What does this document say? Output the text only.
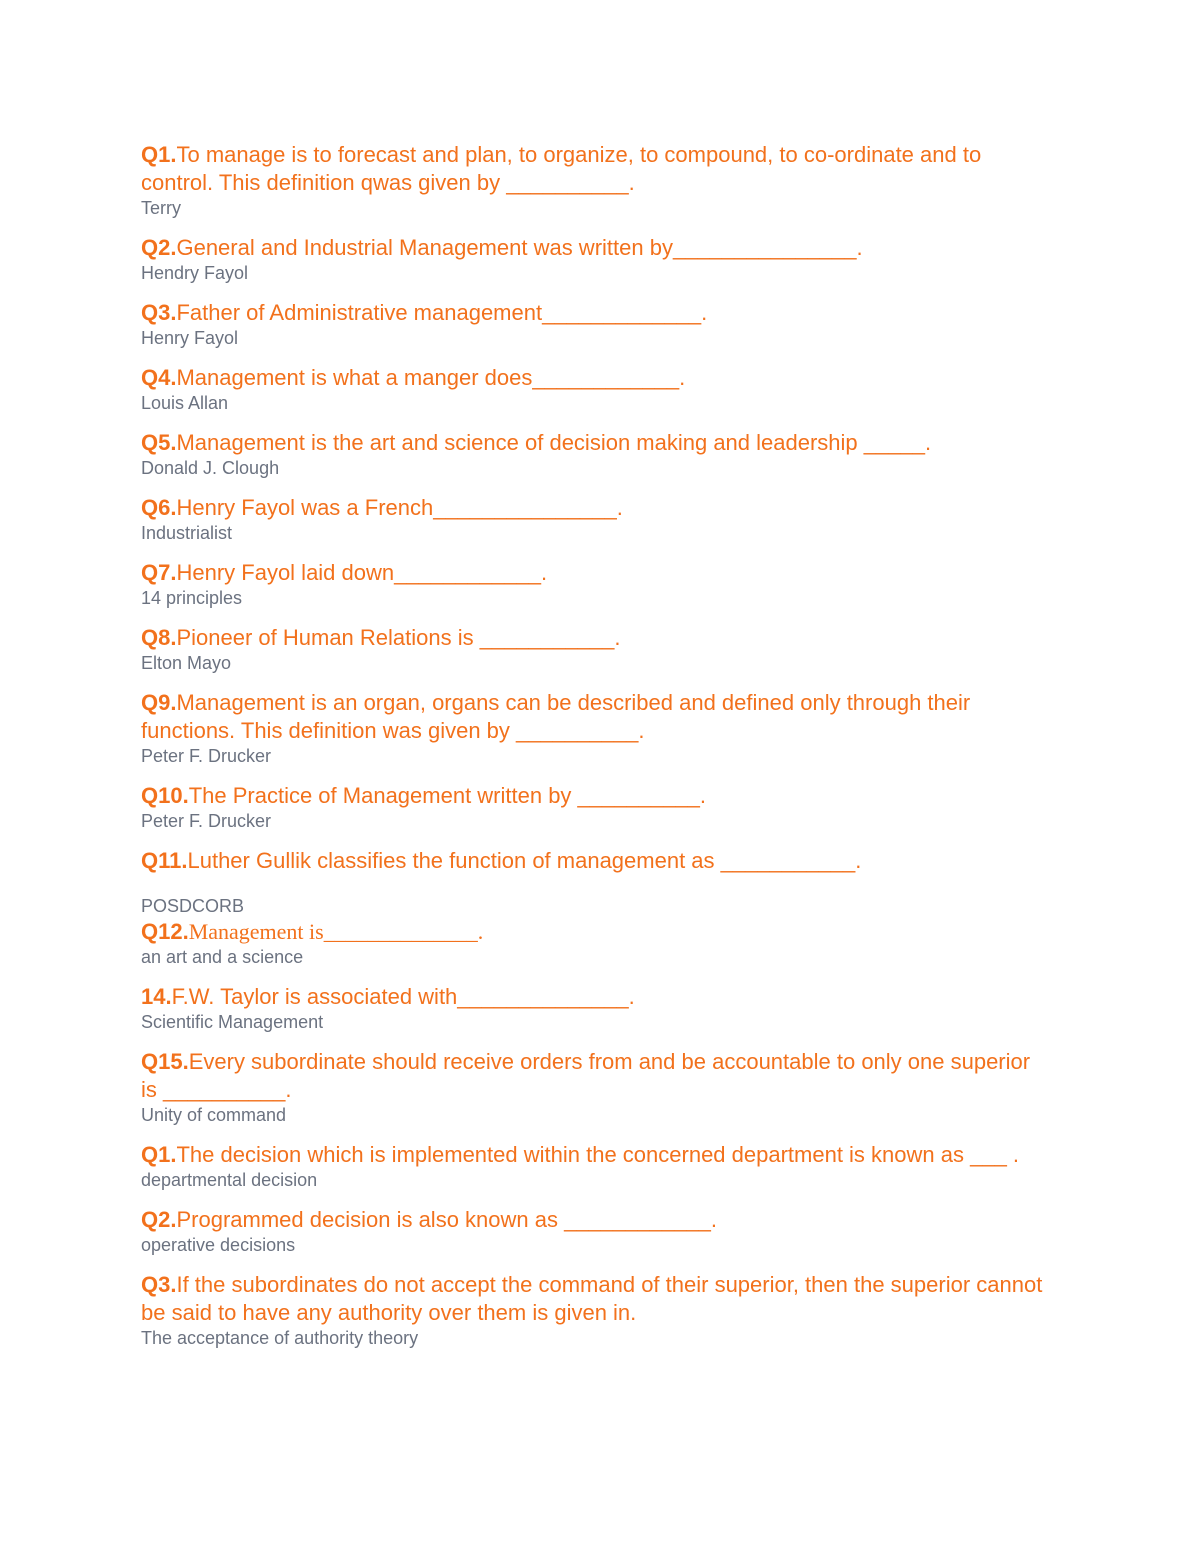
Q1.To manage is to forecast and plan, to organize, to compound, to co-ordinate and to control. This definition qwas given by __________.

Terry

Q2.General and Industrial Management was written by_______________.

Hendry Fayol

Q3.Father of Administrative management_____________.

Henry Fayol

Q4.Management is what a manger does____________.

Louis Allan

Q5.Management is the art and science of decision making and leadership _____.

Donald J. Clough

Q6.Henry Fayol was a French_______________.

Industrialist

Q7.Henry Fayol laid down____________.

14 principles

Q8.Pioneer of Human Relations is ___________.

Elton Mayo

Q9.Management is an organ, organs can be described and defined only through their functions. This definition was given by __________.

Peter F. Drucker

Q10.The Practice of Management written by __________.

Peter F. Drucker

Q11.Luther Gullik classifies the function of management as ___________.

POSDCORB

Q12.Management is______________.

an art and a science

14.F.W. Taylor is associated with______________.

Scientific Management

Q15.Every subordinate should receive orders from and be accountable to only one superior is __________.

Unity of command

Q1.The decision which is implemented within the concerned department is known as ___ .

departmental decision

Q2.Programmed decision is also known as ____________.

operative decisions

Q3.If the subordinates do not accept the command of their superior, then the superior cannot be said to have any authority over them is given in.

The acceptance of authority theory
